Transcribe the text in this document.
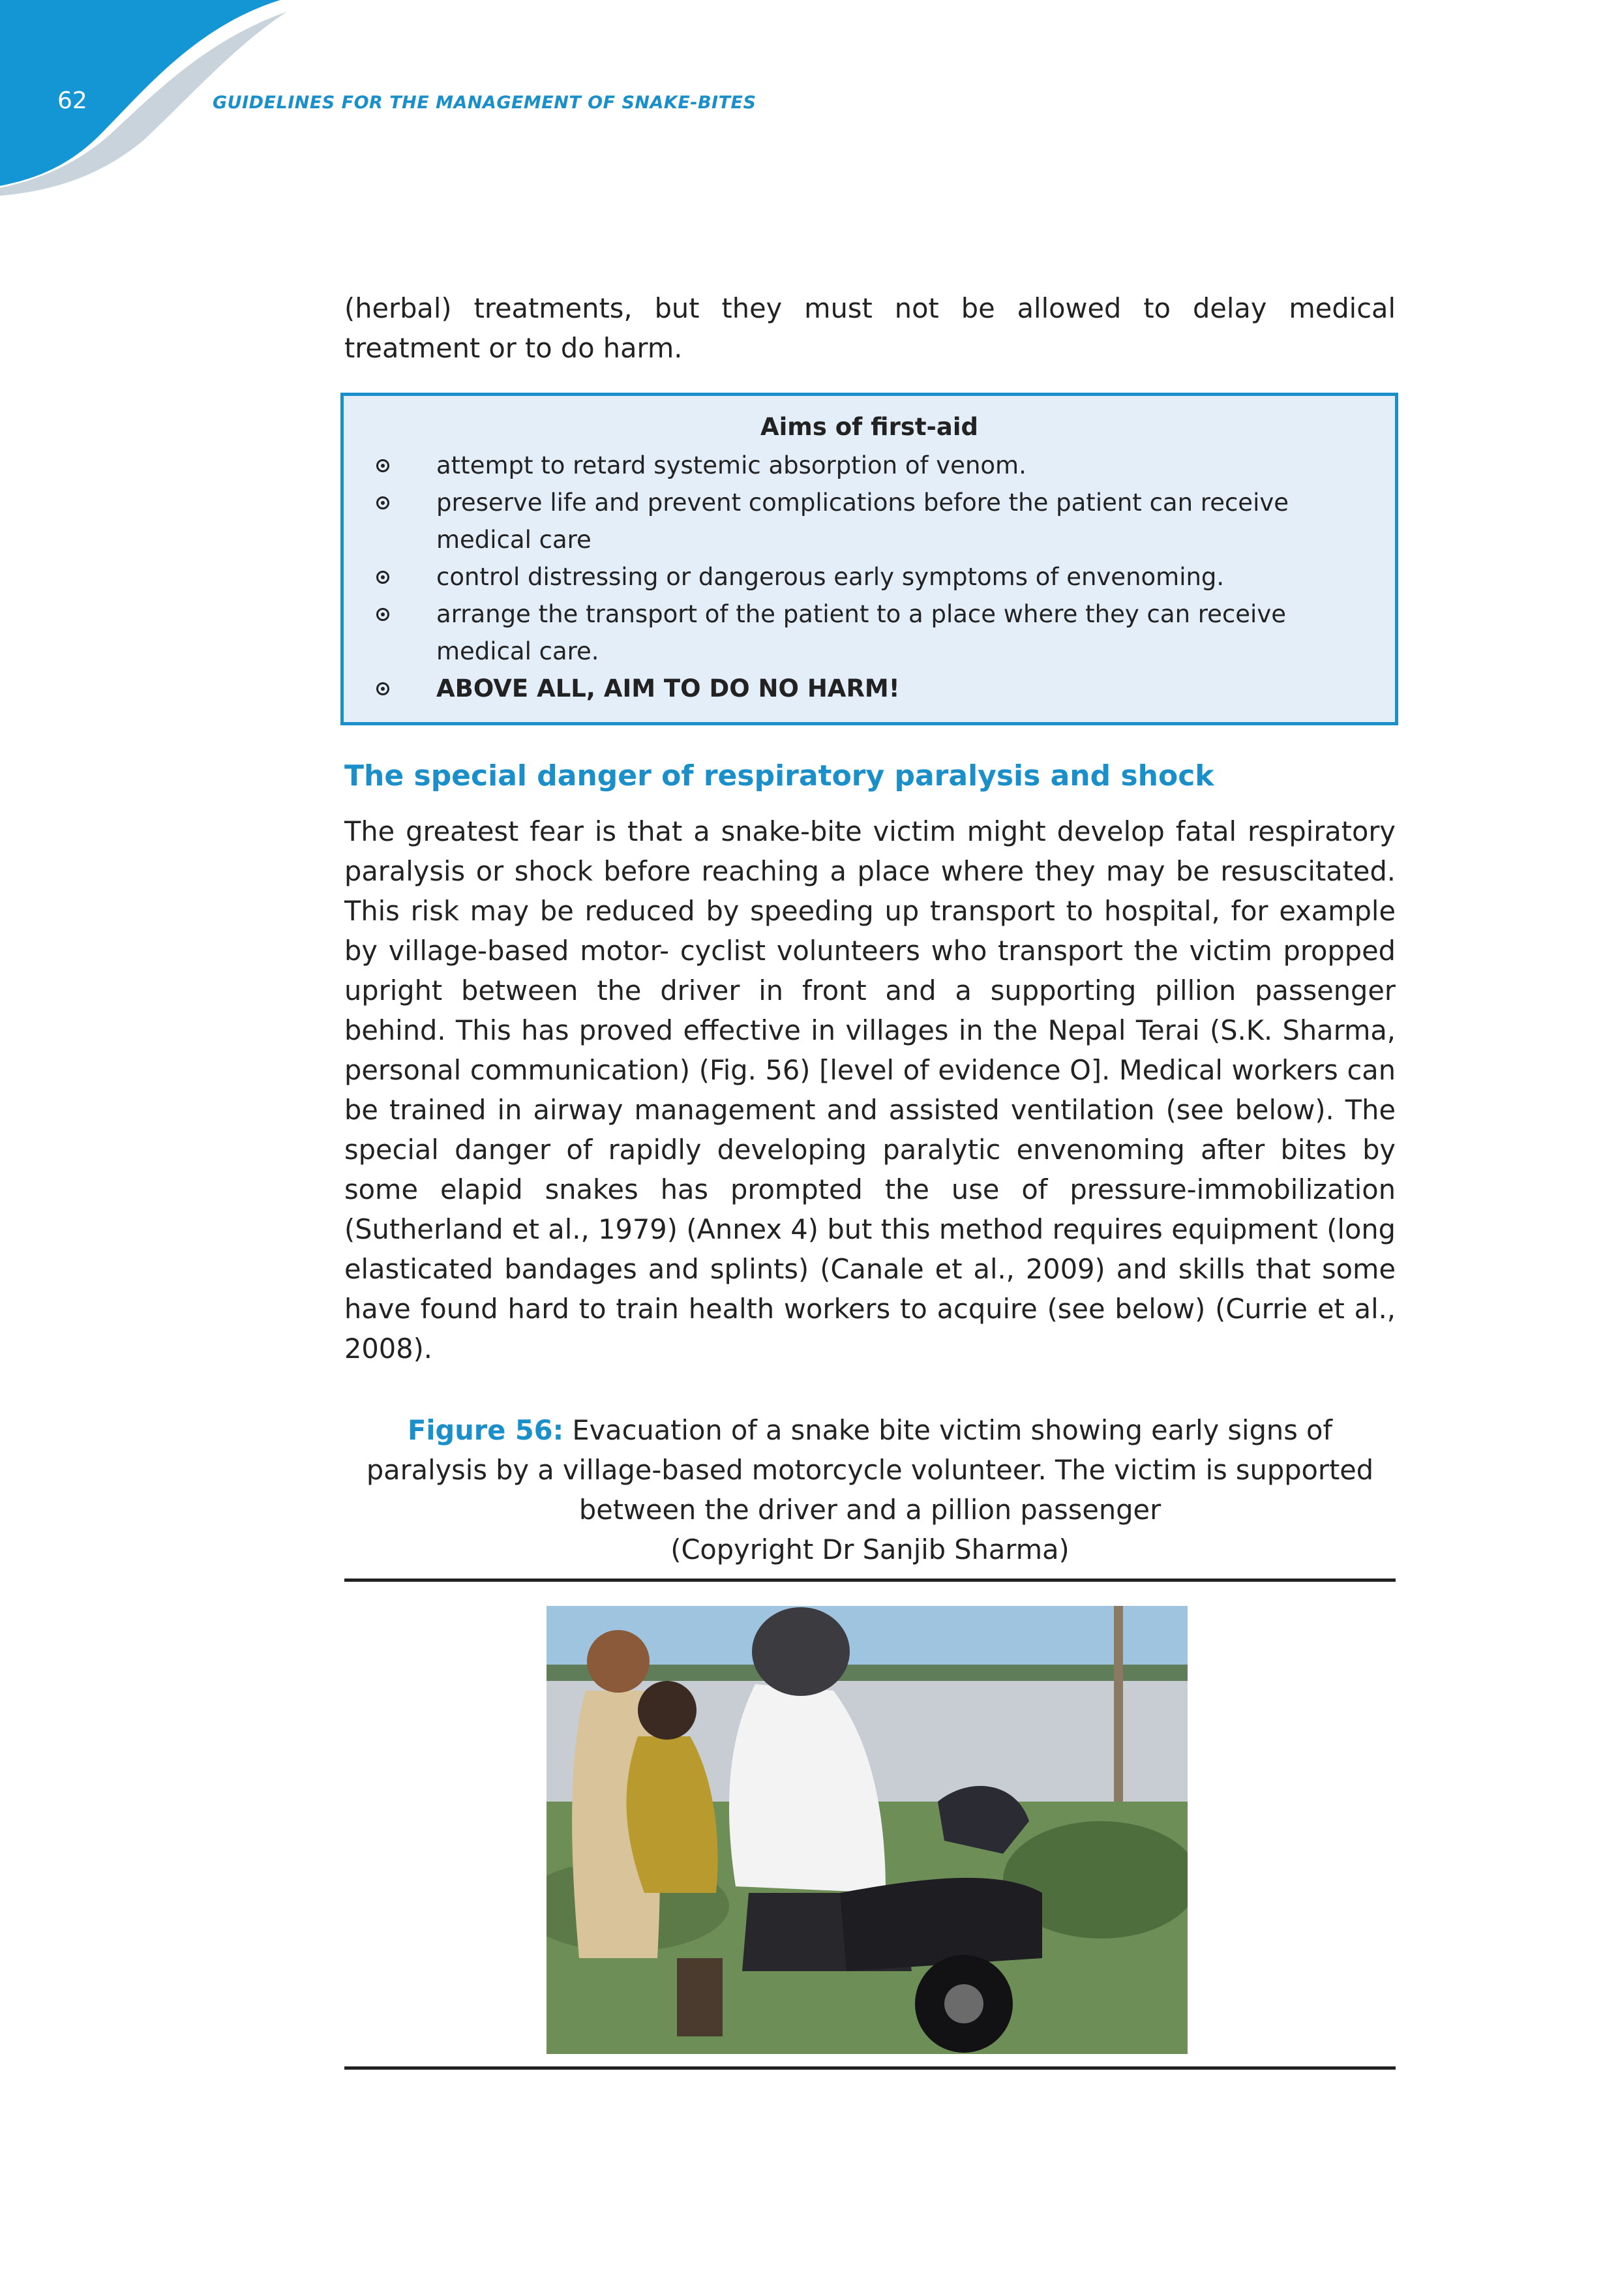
62	GUIDELINES FOR THE MANAGEMENT OF SNAKE-BITES

(herbal) treatments, but they must not be allowed to delay medical treatment or to do harm.

Aims of first-aid
attempt to retard systemic absorption of venom.
preserve life and prevent complications before the patient can receive medical care
control distressing or dangerous early symptoms of envenoming.
arrange the transport of the patient to a place where they can receive medical care.
ABOVE ALL, AIM TO DO NO HARM!
The special danger of respiratory paralysis and shock

The greatest fear is that a snake-bite victim might develop fatal respiratory paralysis or shock before reaching a place where they may be resuscitated. This risk may be reduced by speeding up transport to hospital, for example by village-based motor- cyclist volunteers who transport the victim propped upright between the driver in front and a supporting pillion passenger behind. This has proved effective in villages in the Nepal Terai (S.K. Sharma, personal communication) (Fig. 56) [level of evidence O]. Medical workers can be trained in airway management and assisted ventilation (see below). The special danger of rapidly developing paralytic envenoming after bites by some elapid snakes has prompted the use of pressure-immobilization (Sutherland et al., 1979) (Annex 4) but this method requires equipment (long elasticated bandages and splints) (Canale et al., 2009) and skills that some have found hard to train health workers to acquire (see below) (Currie et al., 2008).

Figure 56: Evacuation of a snake bite victim showing early signs of paralysis by a village-based motorcycle volunteer. The victim is supported between the driver and a pillion passenger
(Copyright Dr Sanjib Sharma)
